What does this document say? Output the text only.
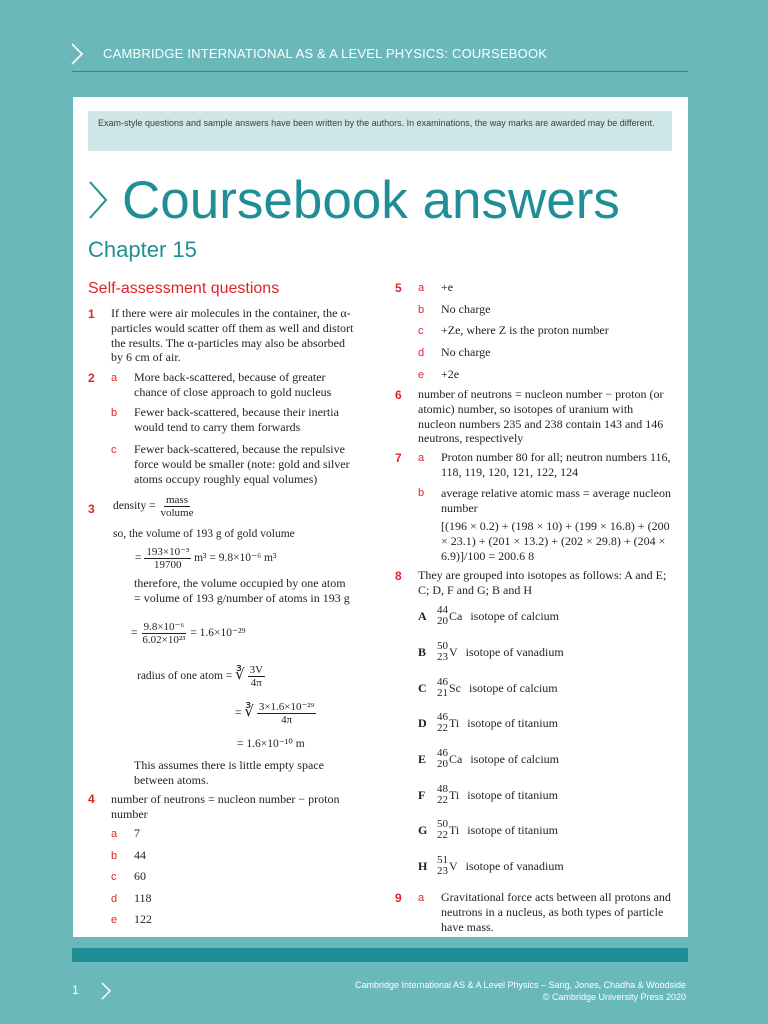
CAMBRIDGE INTERNATIONAL AS & A LEVEL PHYSICS: COURSEBOOK
Exam-style questions and sample answers have been written by the authors. In examinations, the way marks are awarded may be different.
Coursebook answers
Chapter 15
Self-assessment questions
1 If there were air molecules in the container, the α-particles would scatter off them as well and distort the results. The α-particles may also be absorbed by 6 cm of air.
2 a More back-scattered, because of greater chance of close approach to gold nucleus
b Fewer back-scattered, because their inertia would tend to carry them forwards
c Fewer back-scattered, because the repulsive force would be smaller (note: gold and silver atoms occupy roughly equal volumes)
3 density = $\frac{\text{mass}}{\text{volume}}$
so, the volume of 193 g of gold volume
= $\frac{\text{193×10⁻³}}{19700} m^3 = 9.8\times 10^{-6}$ m³
therefore, the volume occupied by one atom = volume of 193 g/number of atoms in 193 g
= $\frac{\text{9.8×10⁻⁶}}{\text{6.02×10²³}} = 1.6\times 10^{-29}$
radius of one atom = ∛ $\frac{3V}{4\pi}$
= ∛ $\frac{\text{3×1.6×10⁻²⁹}}{4\pi}$
= 1.6×10⁻¹⁰ m
This assumes there is little empty space between atoms.
4 number of neutrons = nucleon number − proton number
a 7
b 44
c 60
d 118
e 122
5 a +e
b No charge
c +Ze, where Z is the proton number
d No charge
e +2e
6 number of neutrons = nucleon number − proton (or atomic) number, so isotopes of uranium with nucleon numbers 235 and 238 contain 143 and 146 neutrons, respectively
7 a Proton number 80 for all; neutron numbers 116, 118, 119, 120, 121, 122, 124
b average relative atomic mass = average nucleon number
[(196 × 0.2) + (198 × 10) + (199 × 16.8) + (200 × 23.1) + (201 × 13.2) + (202 × 29.8) + (204 × 6.9)]/100 = 200.6 8
8 They are grouped into isotopes as follows: A and E; C; D, F and G; B and H
A 44
20 Ca isotope of calcium
B 50
23 V isotope of vanadium
C 46
21 Sc isotope of calcium
D 46
22 Ti isotope of titanium
E 46
20 Ca isotope of calcium
F	48
22 Ti isotope of titanium
G 50
22 Ti isotope of titanium
H 51
23 V isotope of vanadium
9 a Gravitational force acts between all protons and neutrons in a nucleus, as both types of particle have mass.
1	Cambridge International AS & A Level Physics – Sang, Jones, Chadha & Woodside
© Cambridge University Press 2020
